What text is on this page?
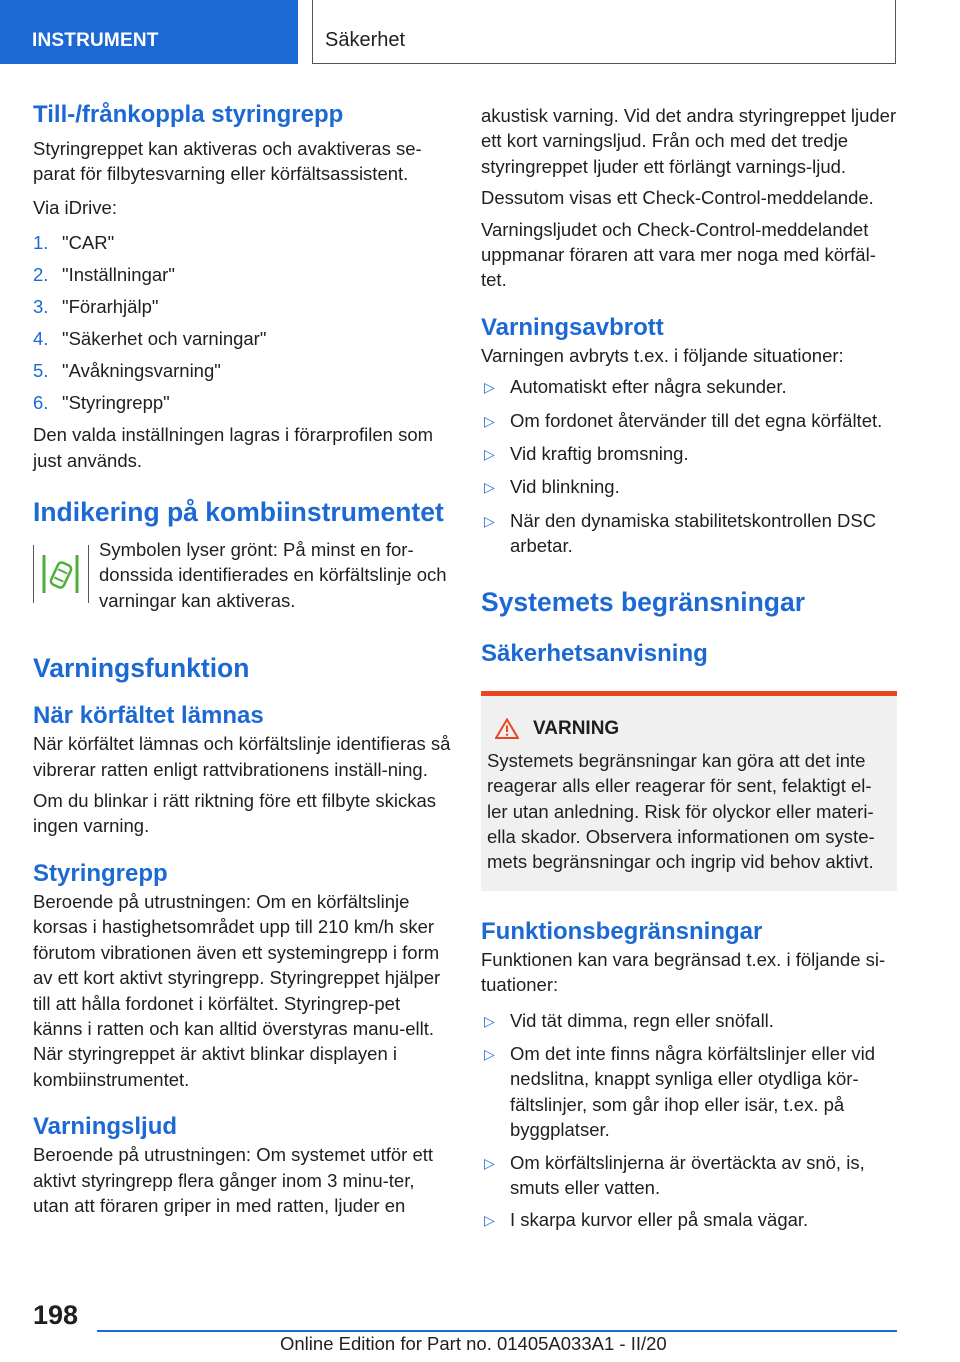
INSTRUMENT	Säkerhet
Till-/frånkoppla styringrepp

Styringreppet kan aktiveras och avaktiveras se-parat för filbytesvarning eller körfältsassistent.

Via iDrive:

1. "CAR"
2. "Inställningar"
3. "Förarhjälp"
4. "Säkerhet och varningar"
5. "Avåkningsvarning"
6. "Styringrepp"

Den valda inställningen lagras i förarprofilen som just används.

Indikering på kombiinstrumentet
Symbolen lyser grönt: På minst en for-donssida identifierades en körfältslinje och varningar kan aktiveras.
Varningsfunktion
När körfältet lämnas

När körfältet lämnas och körfältslinje identifieras så vibrerar ratten enligt rattvibrationens inställ-ning.

Om du blinkar i rätt riktning före ett filbyte skickas ingen varning.

Styringrepp

Beroende på utrustningen: Om en körfältslinje korsas i hastighetsområdet upp till 210 km/h sker förutom vibrationen även ett systemingrepp i form av ett kort aktivt styringrepp. Styringreppet hjälper till att hålla fordonet i körfältet. Styringrep-pet känns i ratten och kan alltid överstyras manu-ellt. När styringreppet är aktivt blinkar displayen i kombiinstrumentet.

Varningsljud

Beroende på utrustningen: Om systemet utför ett aktivt styringrepp flera gånger inom 3 minu-ter, utan att föraren griper in med ratten, ljuder en

akustisk varning. Vid det andra styringreppet ljuder ett kort varningsljud. Från och med det tredje styringreppet ljuder ett förlängt varnings-ljud.

Dessutom visas ett Check-Control-meddelande.

Varningsljudet och Check-Control-meddelandet uppmanar föraren att vara mer noga med körfäl-tet.

Varningsavbrott

Varningen avbryts t.ex. i följande situationer:

▷ Automatiskt efter några sekunder.
▷ Om fordonet återvänder till det egna körfältet.
▷ Vid kraftig bromsning.
▷ Vid blinkning.
▷ När den dynamiska stabilitetskontrollen DSC arbetar.
Systemets begränsningar
Säkerhetsanvisning
VARNING

Systemets begränsningar kan göra att det inte reagerar alls eller reagerar för sent, felaktigt el-ler utan anledning. Risk för olyckor eller materi-ella skador. Observera informationen om syste-mets begränsningar och ingrip vid behov aktivt.

Funktionsbegränsningar

Funktionen kan vara begränsad t.ex. i följande si-tuationer:

▷ Vid tät dimma, regn eller snöfall.
▷ Om det inte finns några körfältslinjer eller vid nedslitna, knappt synliga eller otydliga kör-fältslinjer, som går ihop eller isär, t.ex. på byggplatser.
▷ Om körfältslinjerna är övertäckta av snö, is, smuts eller vatten.
▷ I skarpa kurvor eller på smala vägar.
198
Online Edition for Part no. 01405A033A1 - II/20
